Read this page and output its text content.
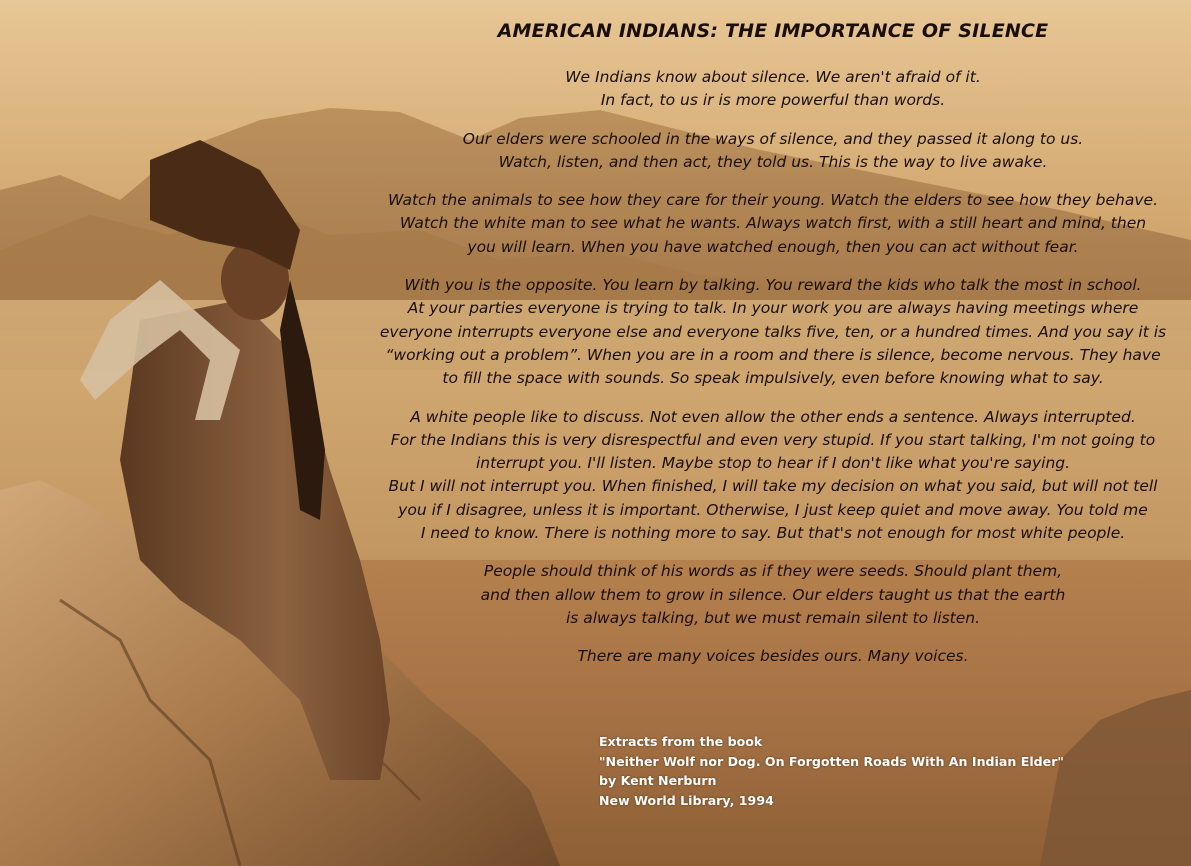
AMERICAN INDIANS: THE IMPORTANCE OF SILENCE
We Indians know about silence. We aren't afraid of it.
In fact, to us ir is more powerful than words.
Our elders were schooled in the ways of silence, and they passed it along to us.
Watch, listen, and then act, they told us. This is the way to live awake.
Watch the animals to see how they care for their young. Watch the elders to see how they behave.
Watch the white man to see what he wants. Always watch first, with a still heart and mind, then
you will learn. When you have watched enough, then you can act without fear.
With you is the opposite. You learn by talking. You reward the kids who talk the most in school.
At your parties everyone is trying to talk. In your work you are always having meetings where
everyone interrupts everyone else and everyone talks five, ten, or a hundred times. And you say it is
“working out a problem”. When you are in a room and there is silence, become nervous. They have
to fill the space with sounds. So speak impulsively, even before knowing what to say.
A white people like to discuss. Not even allow the other ends a sentence. Always interrupted.
For the Indians this is very disrespectful and even very stupid. If you start talking, I'm not going to
interrupt you. I'll listen. Maybe stop to hear if I don't like what you're saying.
But I will not interrupt you. When finished, I will take my decision on what you said, but will not tell
you if I disagree, unless it is important. Otherwise, I just keep quiet and move away. You told me
I need to know. There is nothing more to say. But that's not enough for most white people.
People should think of his words as if they were seeds. Should plant them,
and then allow them to grow in silence. Our elders taught us that the earth
is always talking, but we must remain silent to listen.
There are many voices besides ours. Many voices.
Extracts from the book
"Neither Wolf nor Dog. On Forgotten Roads With An Indian Elder"
by Kent Nerburn
New World Library, 1994
